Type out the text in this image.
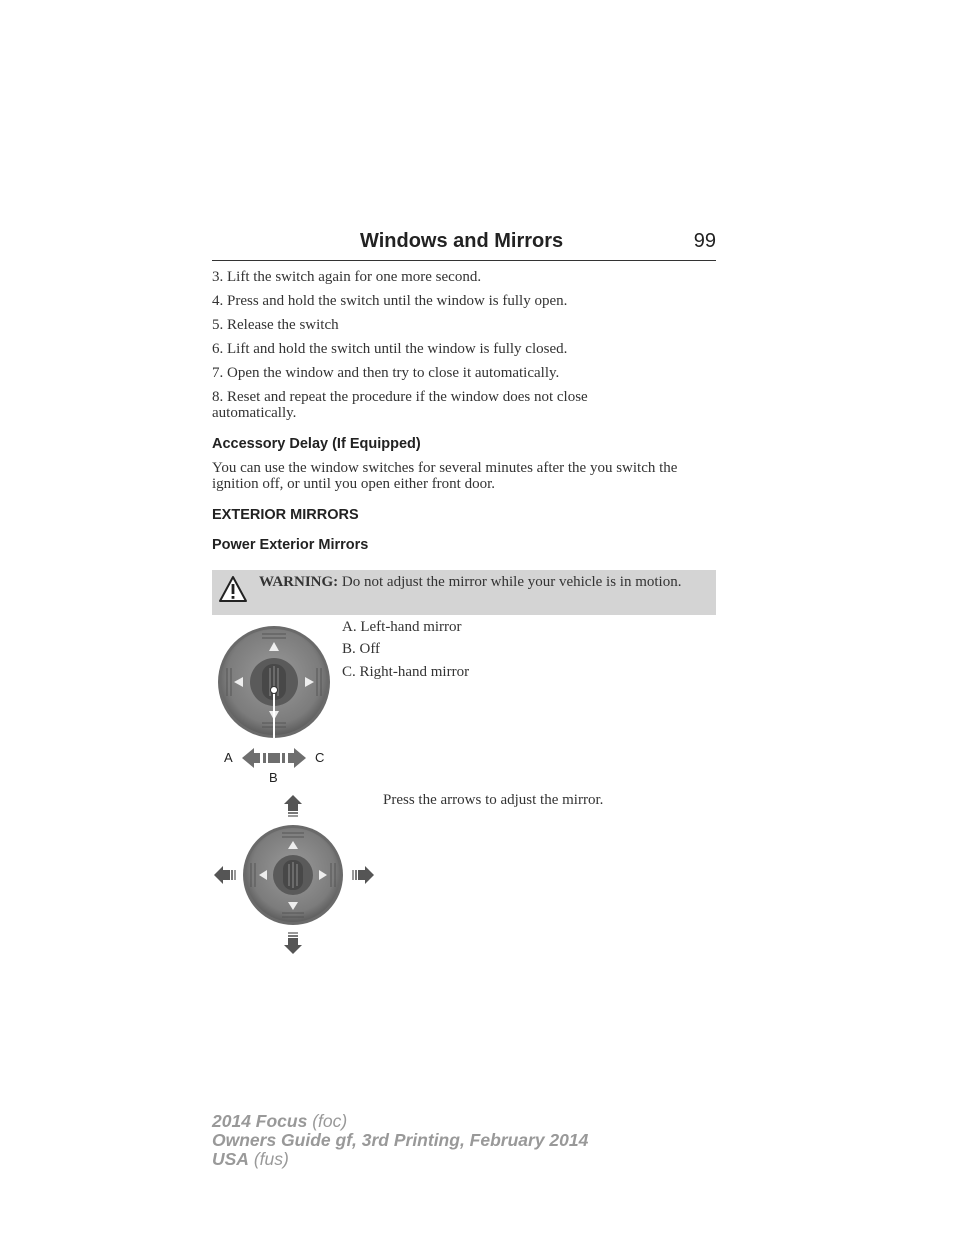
Windows and Mirrors	99
3. Lift the switch again for one more second.
4. Press and hold the switch until the window is fully open.
5. Release the switch
6. Lift and hold the switch until the window is fully closed.
7. Open the window and then try to close it automatically.
8. Reset and repeat the procedure if the window does not close automatically.
Accessory Delay (If Equipped)
You can use the window switches for several minutes after the you switch the ignition off, or until you open either front door.
EXTERIOR MIRRORS
Power Exterior Mirrors
WARNING: Do not adjust the mirror while your vehicle is in motion.
A
B
C
A. Left-hand mirror
B. Off
C. Right-hand mirror
Press the arrows to adjust the mirror.
2014 Focus (foc)
Owners Guide gf, 3rd Printing, February 2014
USA (fus)
